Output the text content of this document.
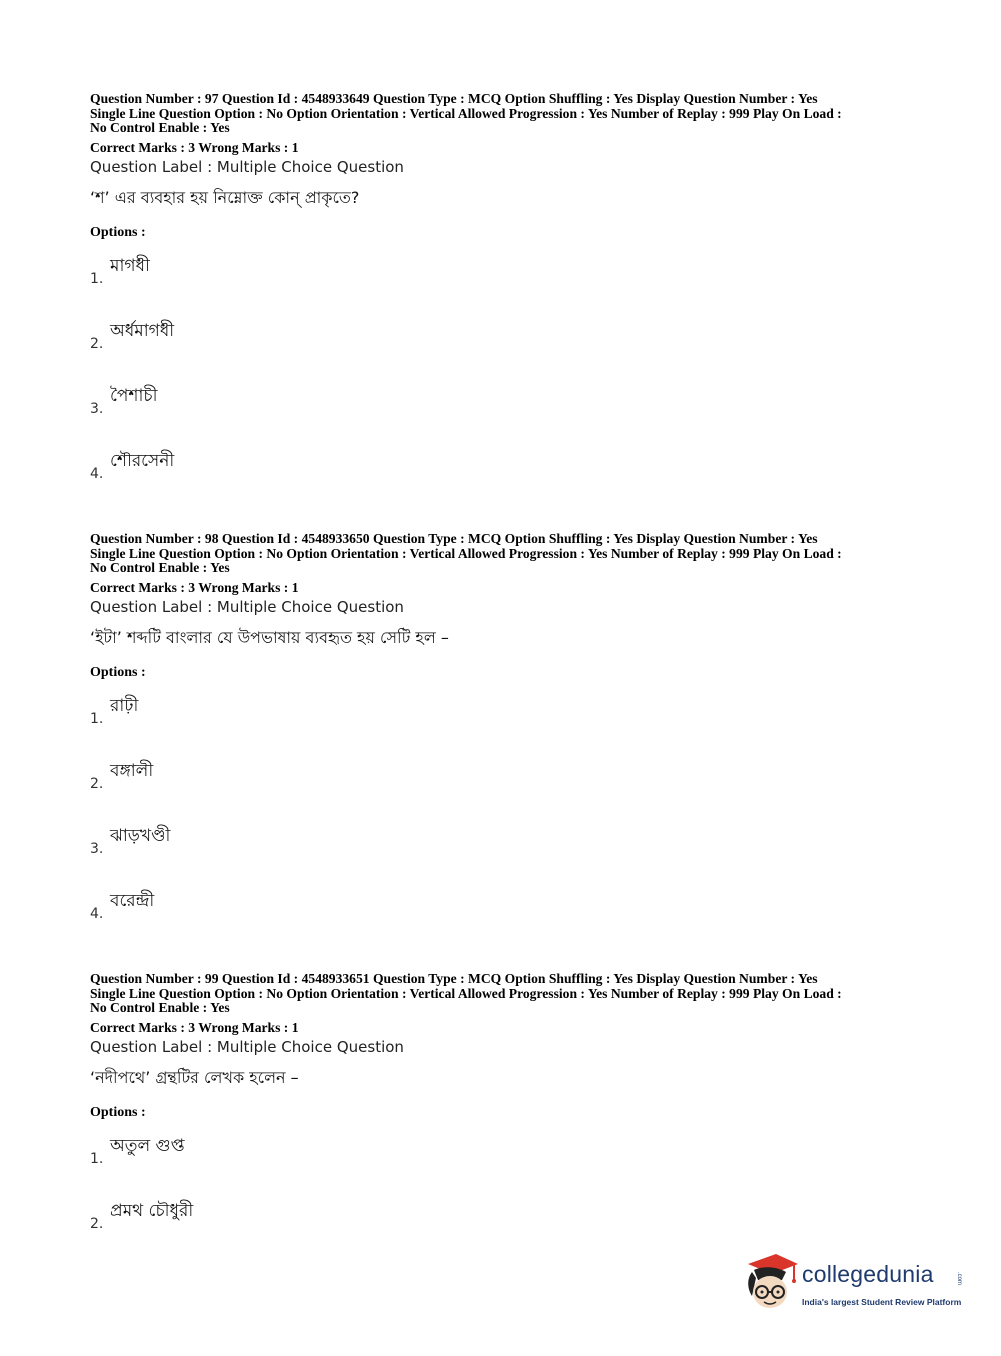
Question Number : 97 Question Id : 4548933649 Question Type : MCQ Option Shuffling : Yes Display Question Number : Yes
Single Line Question Option : No Option Orientation : Vertical Allowed Progression : Yes Number of Replay : 999 Play On Load :
No Control Enable : Yes

Correct Marks : 3 Wrong Marks : 1
Question Label : Multiple Choice Question
‘শ’ এর ব্যবহার হয় নিম্নোক্ত কোন্ প্রাকৃতে?
Options :
1.
মাগধী
2.
অর্ধমাগধী
3.
পৈশাচী
4.
শৌরসেনী

Question Number : 98 Question Id : 4548933650 Question Type : MCQ Option Shuffling : Yes Display Question Number : Yes
Single Line Question Option : No Option Orientation : Vertical Allowed Progression : Yes Number of Replay : 999 Play On Load :
No Control Enable : Yes

Correct Marks : 3 Wrong Marks : 1
Question Label : Multiple Choice Question
‘ইটা’ শব্দটি বাংলার যে উপভাষায় ব্যবহৃত হয় সেটি হল –
Options :
1.
রাঢ়ী
2.
বঙ্গালী
3.
ঝাড়খণ্ডী
4.
বরেন্দ্রী

Question Number : 99 Question Id : 4548933651 Question Type : MCQ Option Shuffling : Yes Display Question Number : Yes
Single Line Question Option : No Option Orientation : Vertical Allowed Progression : Yes Number of Replay : 999 Play On Load :
No Control Enable : Yes

Correct Marks : 3 Wrong Marks : 1
Question Label : Multiple Choice Question
‘নদীপথে’ গ্রন্থটির লেখক হলেন –
Options :
1.
অতুল গুপ্ত
2.
প্রমথ চৌধুরী
collegedunia	.com
India's largest Student Review Platform
